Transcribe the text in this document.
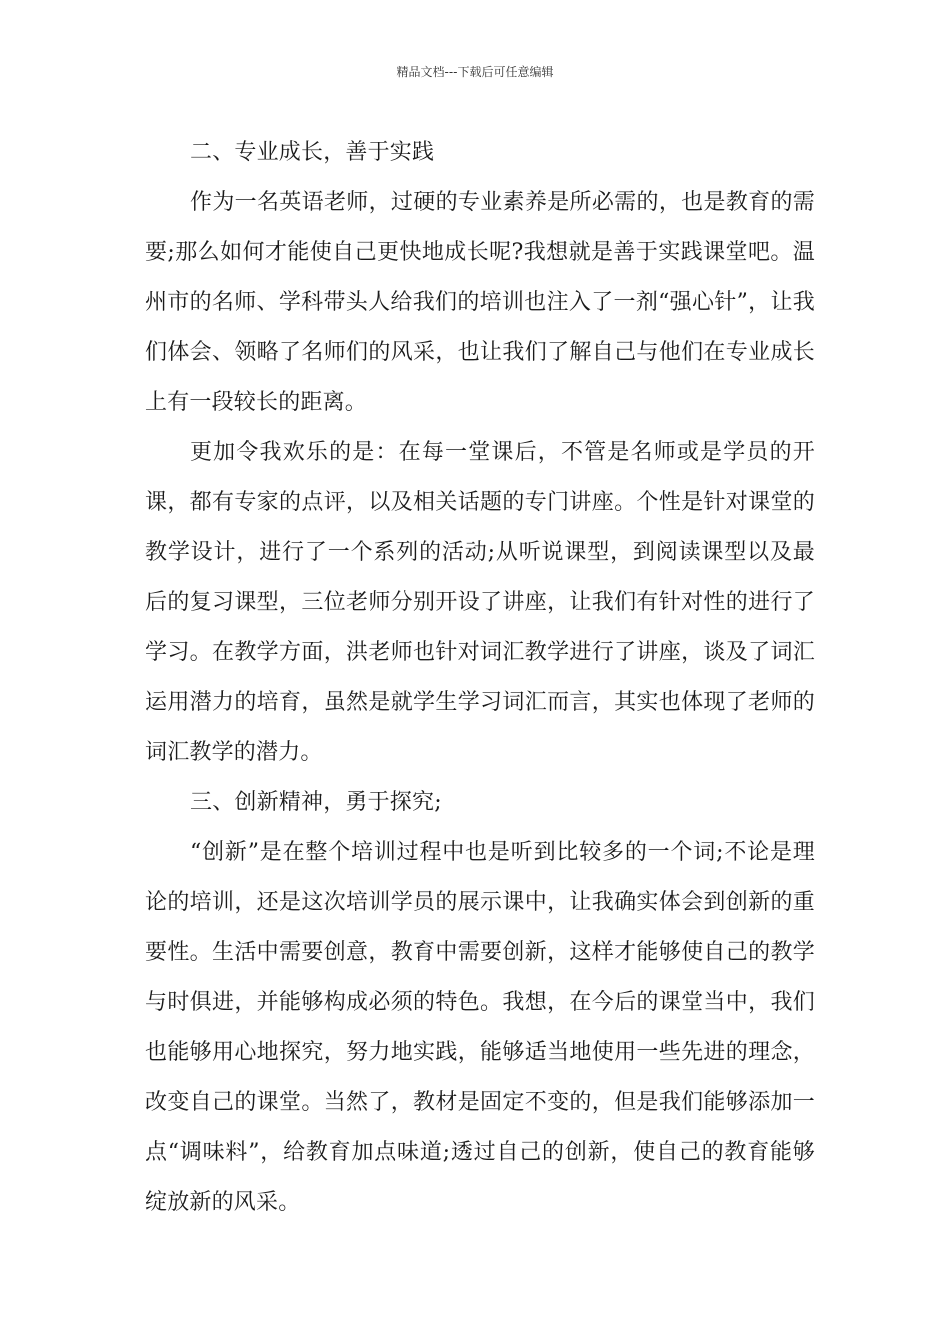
精品文档---下载后可任意编辑

二、专业成长，善于实践

作为一名英语老师，过硬的专业素养是所必需的，也是教育的需要;那么如何才能使自己更快地成长呢?我想就是善于实践课堂吧。温州市的名师、学科带头人给我们的培训也注入了一剂“强心针”，让我们体会、领略了名师们的风采，也让我们了解自己与他们在专业成长上有一段较长的距离。

更加令我欢乐的是：在每一堂课后，不管是名师或是学员的开课，都有专家的点评，以及相关话题的专门讲座。个性是针对课堂的教学设计，进行了一个系列的活动;从听说课型，到阅读课型以及最后的复习课型，三位老师分别开设了讲座，让我们有针对性的进行了学习。在教学方面，洪老师也针对词汇教学进行了讲座，谈及了词汇运用潜力的培育，虽然是就学生学习词汇而言，其实也体现了老师的词汇教学的潜力。

三、创新精神，勇于探究;

“创新”是在整个培训过程中也是听到比较多的一个词;不论是理论的培训，还是这次培训学员的展示课中，让我确实体会到创新的重要性。生活中需要创意，教育中需要创新，这样才能够使自己的教学与时俱进，并能够构成必须的特色。我想，在今后的课堂当中，我们也能够用心地探究，努力地实践，能够适当地使用一些先进的理念，改变自己的课堂。当然了，教材是固定不变的，但是我们能够添加一点“调味料”，给教育加点味道;透过自己的创新，使自己的教育能够绽放新的风采。
